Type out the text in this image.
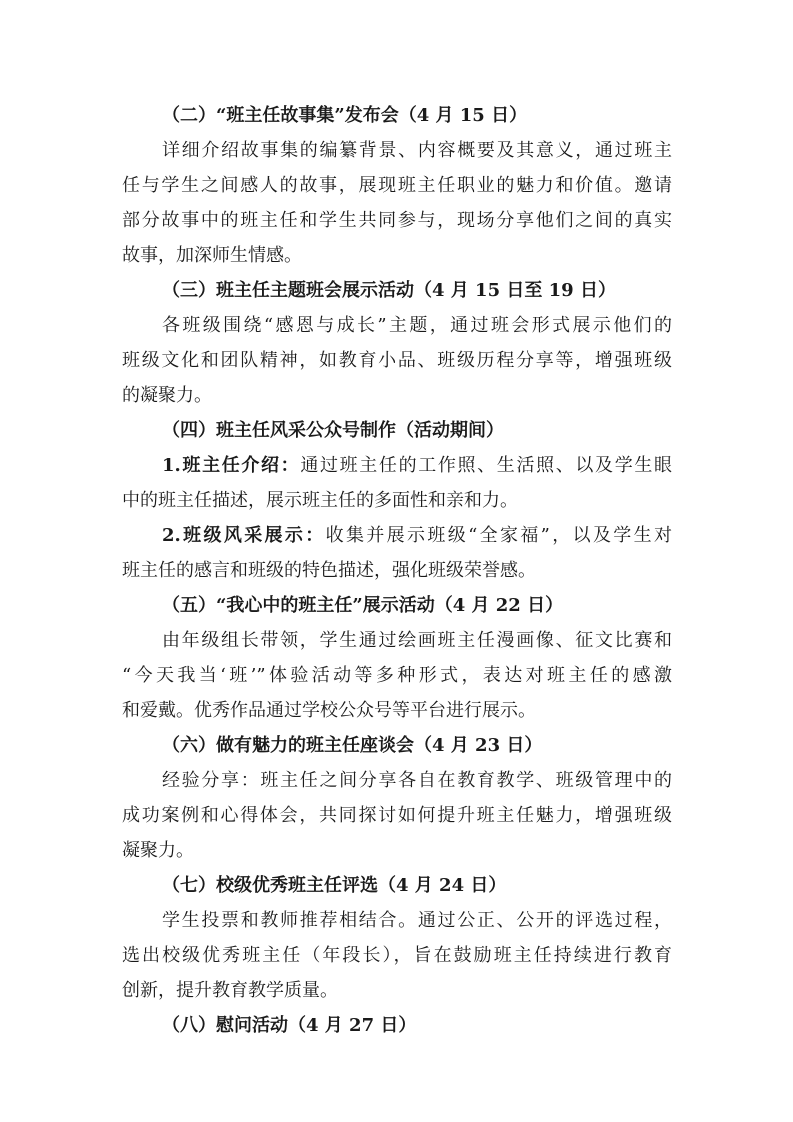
（二）“班主任故事集”发布会（4 月 15 日）
详细介绍故事集的编纂背景、内容概要及其意义，通过班主
任与学生之间感人的故事，展现班主任职业的魅力和价值。邀请
部分故事中的班主任和学生共同参与，现场分享他们之间的真实
故事，加深师生情感。
（三）班主任主题班会展示活动（4 月 15 日至 19 日）
各班级围绕“感恩与成长”主题，通过班会形式展示他们的
班级文化和团队精神，如教育小品、班级历程分享等，增强班级
的凝聚力。
（四）班主任风采公众号制作（活动期间）
1.班主任介绍：通过班主任的工作照、生活照、以及学生眼
中的班主任描述，展示班主任的多面性和亲和力。
2.班级风采展示：收集并展示班级“全家福”，以及学生对
班主任的感言和班级的特色描述，强化班级荣誉感。
（五）“我心中的班主任”展示活动（4 月 22 日）
由年级组长带领，学生通过绘画班主任漫画像、征文比赛和
“今天我当‘班’”体验活动等多种形式，表达对班主任的感激
和爱戴。优秀作品通过学校公众号等平台进行展示。
（六）做有魅力的班主任座谈会（4 月 23 日）
经验分享：班主任之间分享各自在教育教学、班级管理中的
成功案例和心得体会，共同探讨如何提升班主任魅力，增强班级
凝聚力。
（七）校级优秀班主任评选（4 月 24 日）
学生投票和教师推荐相结合。通过公正、公开的评选过程，
选出校级优秀班主任（年段长），旨在鼓励班主任持续进行教育
创新，提升教育教学质量。
（八）慰问活动（4 月 27 日）
